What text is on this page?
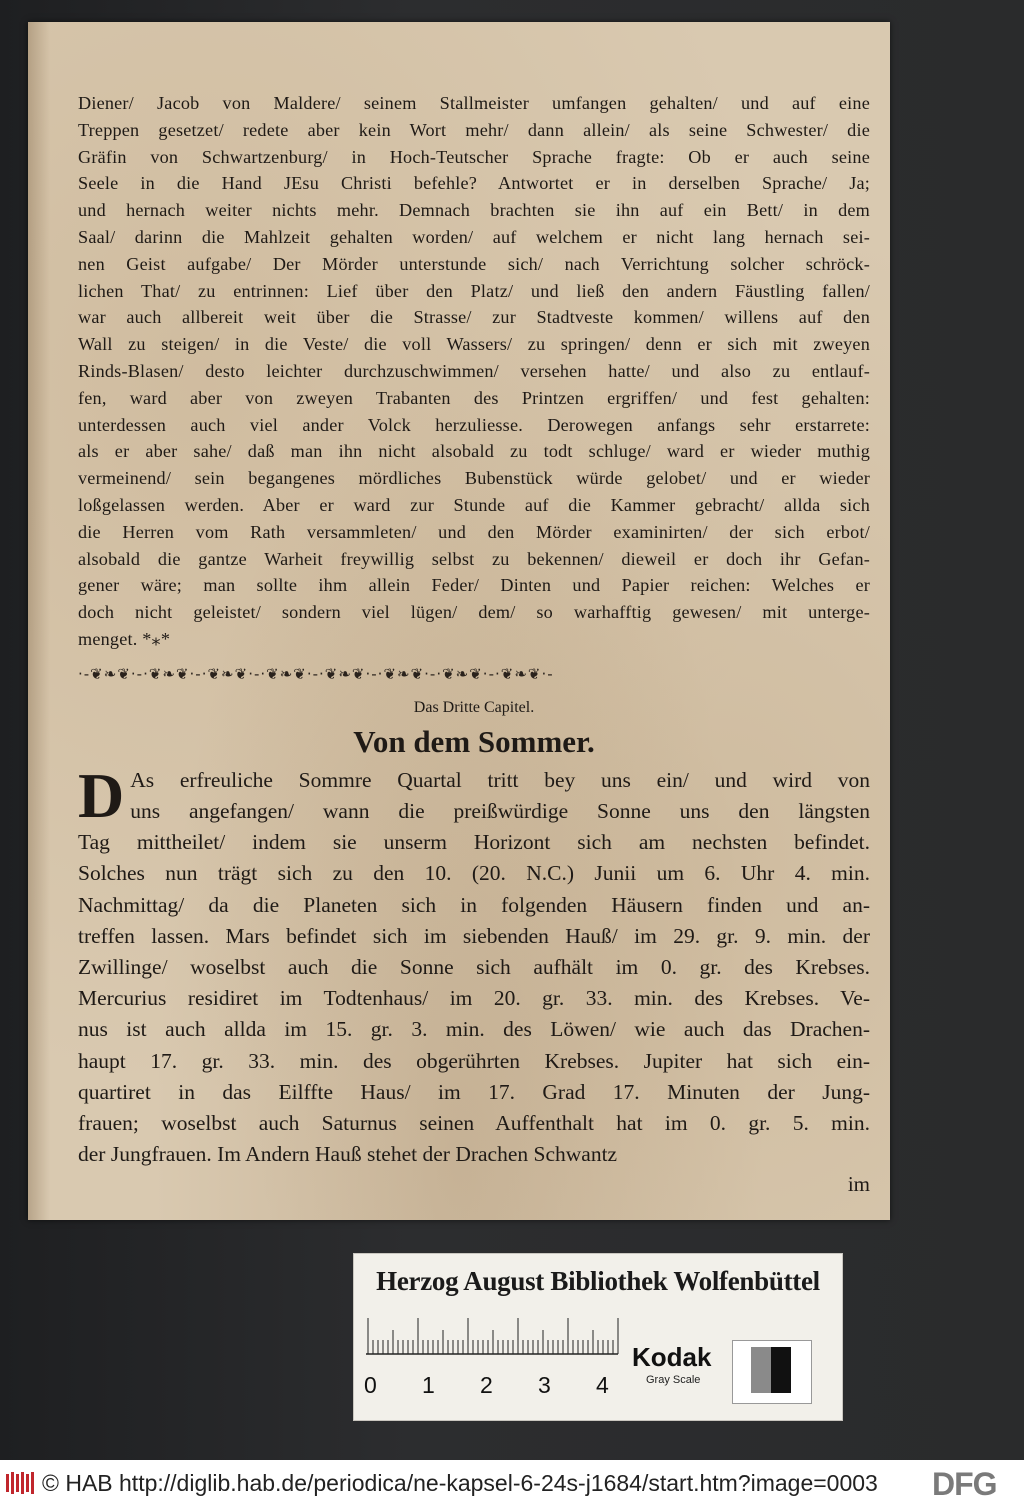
Diener/ Jacob von Maldere/ seinem Stallmeister umfangen gehalten/ und auf eine
Treppen gesetzet/ redete aber kein Wort mehr/ dann allein/ als seine Schwester/ die
Gräfin von Schwartzenburg/ in Hoch-Teutscher Sprache fragte: Ob er auch seine
Seele in die Hand JEsu Christi befehle? Antwortet er in derselben Sprache/ Ja;
und hernach weiter nichts mehr. Demnach brachten sie ihn auf ein Bett/ in dem
Saal/ darinn die Mahlzeit gehalten worden/ auf welchem er nicht lang hernach sei-
nen Geist aufgabe/ Der Mörder unterstunde sich/ nach Verrichtung solcher schröck-
lichen That/ zu entrinnen: Lief über den Platz/ und ließ den andern Fäustling fallen/
war auch allbereit weit über die Strasse/ zur Stadtveste kommen/ willens auf den
Wall zu steigen/ in die Veste/ die voll Wassers/ zu springen/ denn er sich mit zweyen
Rinds-Blasen/ desto leichter durchzuschwimmen/ versehen hatte/ und also zu entlauf-
fen, ward aber von zweyen Trabanten des Printzen ergriffen/ und fest gehalten:
unterdessen auch viel ander Volck herzuliesse. Derowegen anfangs sehr erstarrete:
als er aber sahe/ daß man ihn nicht alsobald zu todt schluge/ ward er wieder muthig
vermeinend/ sein begangenes mördliches Bubenstück würde gelobet/ und er wieder
loßgelassen werden. Aber er ward zur Stunde auf die Kammer gebracht/ allda sich
die Herren vom Rath versammleten/ und den Mörder examinirten/ der sich erbot/
alsobald die gantze Warheit freywillig selbst zu bekennen/ dieweil er doch ihr Gefan-
gener wäre; man sollte ihm allein Feder/ Dinten und Papier reichen: Welches er
doch nicht geleistet/ sondern viel lügen/ dem/ so warhafftig gewesen/ mit unterge-
menget. *⁎*

·-❦❧❦·-·❦❧❦·-·❦❧❦·-·❦❧❦·-·❦❧❦·-·❦❧❦·-·❦❧❦·-·❦❧❦·-
Das Dritte Capitel.
Von dem Sommer.

D As erfreuliche Sommre Quartal tritt bey uns ein/ und wird von
uns angefangen/ wann die preißwürdige Sonne uns den längsten
Tag mittheilet/ indem sie unserm Horizont sich am nechsten befindet.
Solches nun trägt sich zu den 10. (20. N.C.) Junii um 6. Uhr 4. min.
Nachmittag/ da die Planeten sich in folgenden Häusern finden und an-
treffen lassen. Mars befindet sich im siebenden Hauß/ im 29. gr. 9. min. der
Zwillinge/ woselbst auch die Sonne sich aufhält im 0. gr. des Krebses.
Mercurius residiret im Todtenhaus/ im 20. gr. 33. min. des Krebses. Ve-
nus ist auch allda im 15. gr. 3. min. des Löwen/ wie auch das Drachen-
haupt 17. gr. 33. min. des obgerührten Krebses. Jupiter hat sich ein-
quartiret in das Eilffte Haus/ im 17. Grad 17. Minuten der Jung-
frauen; woselbst auch Saturnus seinen Auffenthalt hat im 0. gr. 5. min.
der Jungfrauen. Im Andern Hauß stehet der Drachen Schwantz

im
Herzog August Bibliothek Wolfenbüttel
0 1 2 3 4
Kodak
Gray Scale
© HAB http://diglib.hab.de/periodica/ne-kapsel-6-24s-j1684/start.htm?image=0003 DFG
